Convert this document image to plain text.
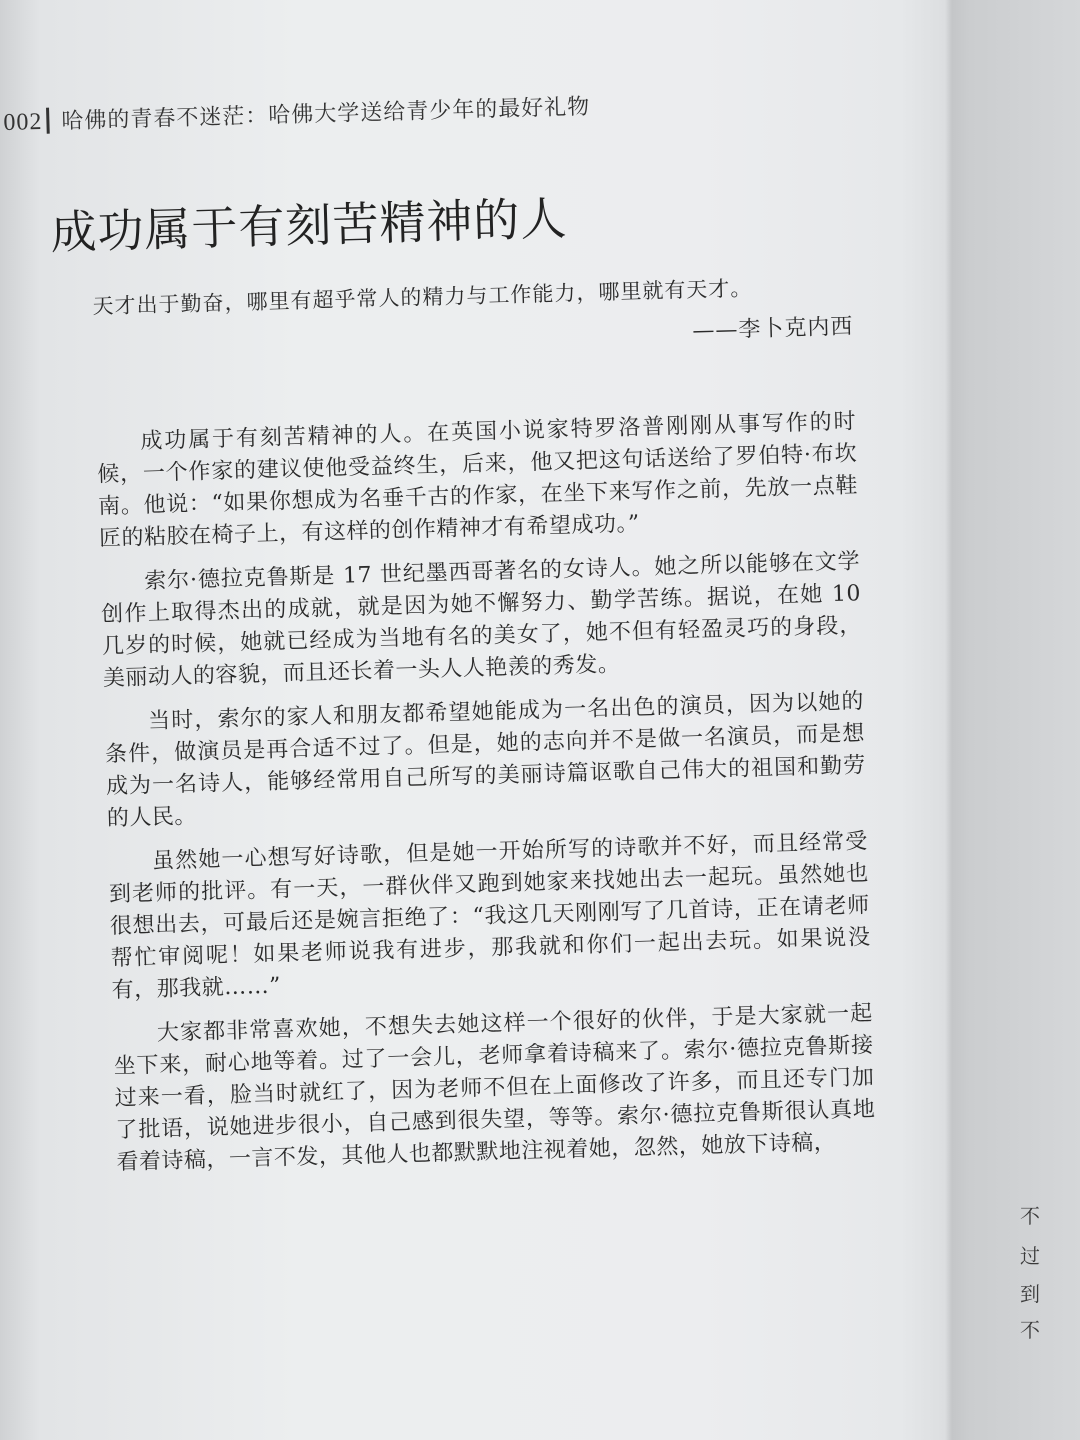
002 哈佛的青春不迷茫：哈佛大学送给青少年的最好礼物
成功属于有刻苦精神的人
天才出于勤奋，哪里有超乎常人的精力与工作能力，哪里就有天才。
——李卜克内西

成功属于有刻苦精神的人。在英国小说家特罗洛普刚刚从事写作的时候，一个作家的建议使他受益终生，后来，他又把这句话送给了罗伯特·布坎南。他说：“如果你想成为名垂千古的作家，在坐下来写作之前，先放一点鞋匠的粘胶在椅子上，有这样的创作精神才有希望成功。”

索尔·德拉克鲁斯是 17 世纪墨西哥著名的女诗人。她之所以能够在文学创作上取得杰出的成就，就是因为她不懈努力、勤学苦练。据说，在她 10 几岁的时候，她就已经成为当地有名的美女了，她不但有轻盈灵巧的身段，美丽动人的容貌，而且还长着一头人人艳羡的秀发。

当时，索尔的家人和朋友都希望她能成为一名出色的演员，因为以她的条件，做演员是再合适不过了。但是，她的志向并不是做一名演员，而是想成为一名诗人，能够经常用自己所写的美丽诗篇讴歌自己伟大的祖国和勤劳的人民。

虽然她一心想写好诗歌，但是她一开始所写的诗歌并不好，而且经常受到老师的批评。有一天，一群伙伴又跑到她家来找她出去一起玩。虽然她也很想出去，可最后还是婉言拒绝了：“我这几天刚刚写了几首诗，正在请老师帮忙审阅呢！如果老师说我有进步，那我就和你们一起出去玩。如果说没有，那我就……”

大家都非常喜欢她，不想失去她这样一个很好的伙伴，于是大家就一起坐下来，耐心地等着。过了一会儿，老师拿着诗稿来了。索尔·德拉克鲁斯接过来一看，脸当时就红了，因为老师不但在上面修改了许多，而且还专门加了批语，说她进步很小，自己感到很失望，等等。索尔·德拉克鲁斯很认真地看着诗稿，一言不发，其他人也都默默地注视着她，忽然，她放下诗稿，

不
过
到
不
